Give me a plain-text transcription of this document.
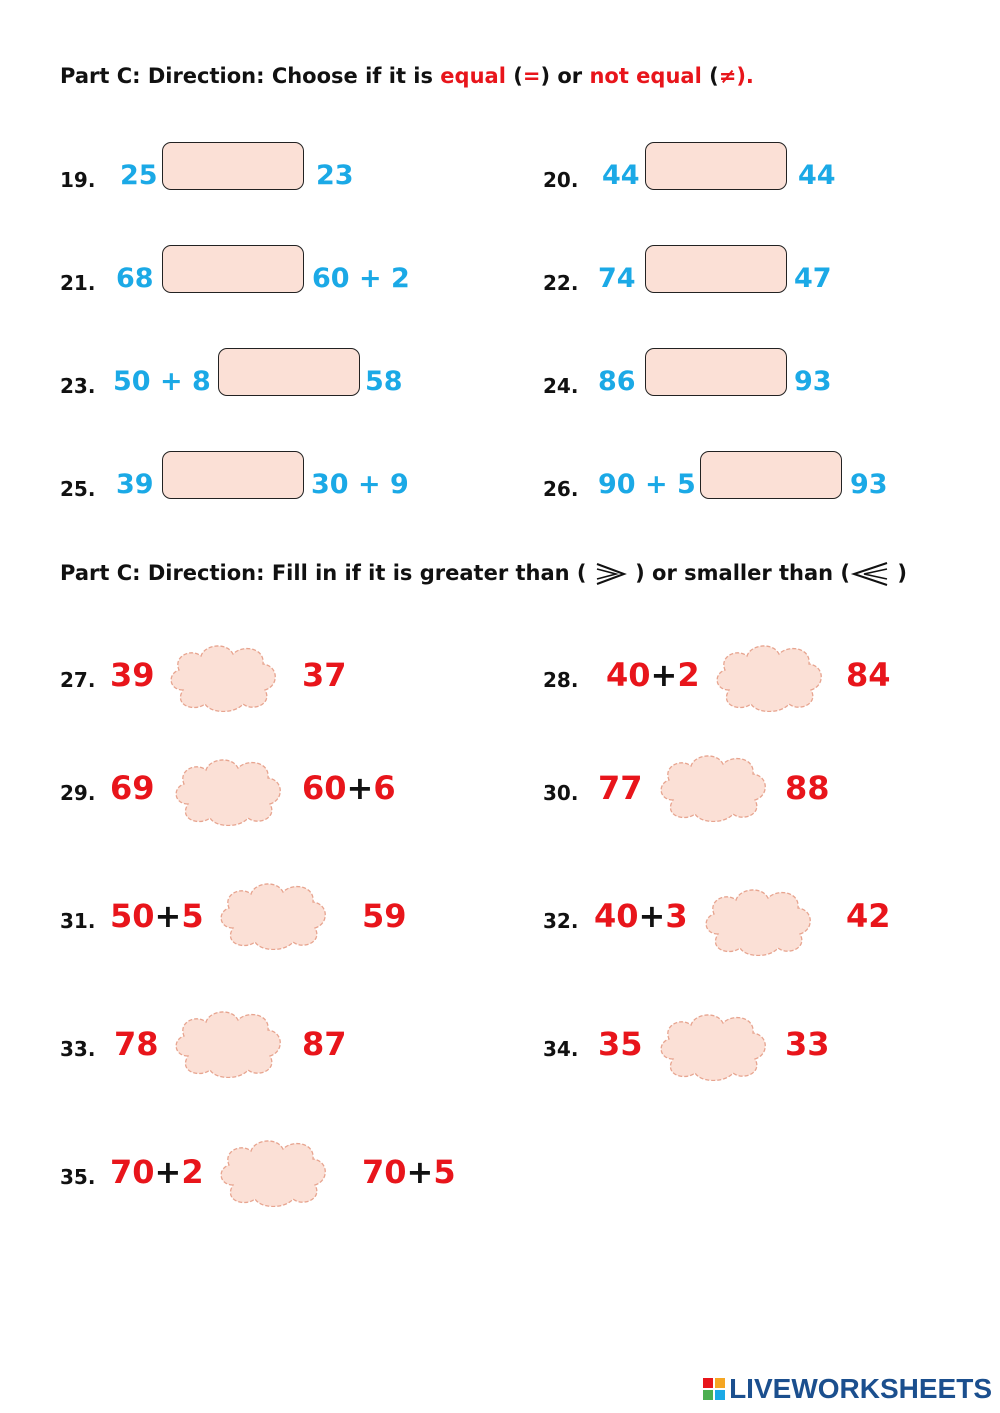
Part C: Direction: Choose if it is equal (=) or not equal (≠).
19. 25	23	20. 44	44
21. 68	60 + 2	22. 74	47
23. 50 + 8	58	24. 86	93
25. 39	30 + 9	26. 90 + 5	93
Part C: Direction: Fill in if it is greater than (  ) or smaller than ( )
27. 39	37	28. 40+2	84
29. 69	60+6	30. 77	88
31. 50+5	59	32. 40+3	42
33. 78	87	34. 35	33
35. 70+2	70+5
LIVEWORKSHEETS
